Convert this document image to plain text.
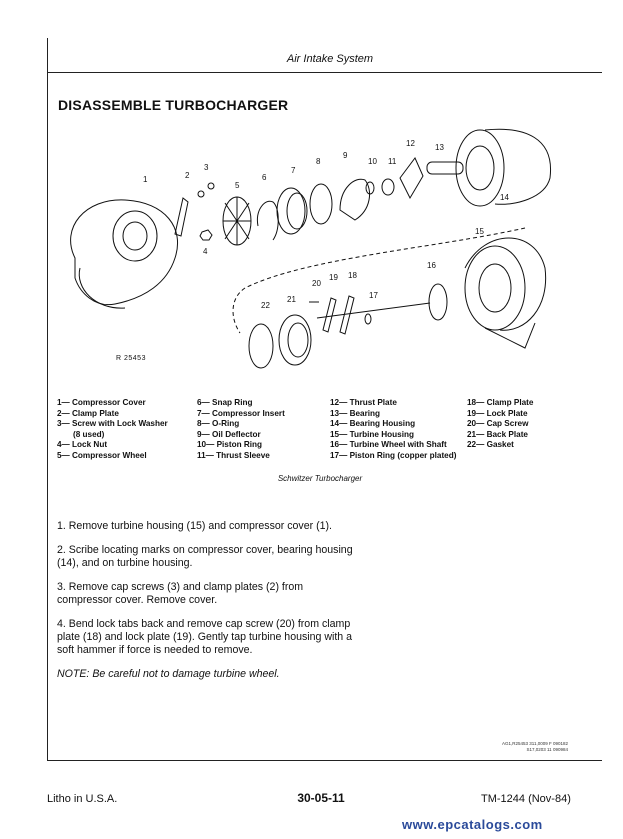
Air Intake System
DISASSEMBLE TURBOCHARGER
1	2
3
4
5
6
7
8
9
10 11
12	13
14
15
16
17
18
19
20
21
22
R 25453
1— Compressor Cover
2— Clamp Plate
3— Screw with Lock Washer
(8 used)
4— Lock Nut
5— Compressor Wheel
6— Snap Ring
7— Compressor Insert
8— O-Ring
9— Oil Deflector
10— Piston Ring
11— Thrust Sleeve
12— Thrust Plate
13— Bearing
14— Bearing Housing
15— Turbine Housing
16— Turbine Wheel with Shaft
17— Piston Ring (copper plated)
18— Clamp Plate
19— Lock Plate
20— Cap Screw
21— Back Plate
22— Gasket
Schwitzer Turbocharger

1. Remove turbine housing (15) and compressor cover (1).

2. Scribe locating marks on compressor cover, bearing housing (14), and on turbine housing.

3. Remove cap screws (3) and clamp plates (2) from compressor cover. Remove cover.

4. Bend lock tabs back and remove cap screw (20) from clamp plate (18) and lock plate (19). Gently tap turbine housing with a soft hammer if force is needed to remove.

NOTE: Be careful not to damage turbine wheel.

AG1,R25453 311,0009 F 090182
S17,0203 11 090984
Litho in U.S.A.	30-05-11	TM-1244 (Nov-84)
www.epcatalogs.com
